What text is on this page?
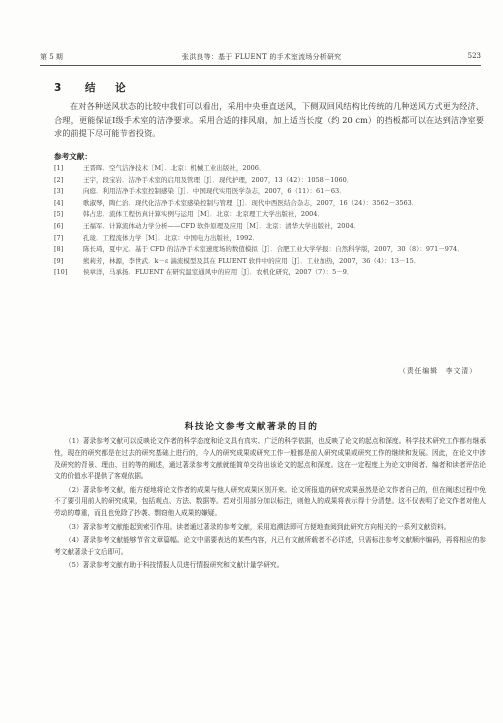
第 5 期	张洪良等：基于 FLUENT 的手术室流场分析研究	523
3 结 论
在对各种送风状态的比较中我们可以看出，采用中央垂直送风，下侧双回风结构比传统的几种送风方式更为经济、合理，更能保证Ⅰ级手术室的洁净要求。采用合适的排风扇，加上适当长度（约 20 cm）的挡板都可以在达到洁净室要求的前提下尽可能节省投资。
参考文献：
[1]	王晋晖．空气洁净技术［M］．北京：机械工业出版社，2006．
[2]	王宇，段宝岩．洁净手术室的启用及管理［J］．现代护理，2007，13（42）：1058－1060．
[3]	向庭．利用洁净手术室控制感染［J］．中国现代实用医学杂志，2007，6（11）：61－63．
[4]	歌淑琴，陶仁治．现代化洁净手术室感染控制与管理［J］．现代中西医结合杂志，2007，16（24）：3562－3563．
[5]	韩占忠．流体工程仿真计算实例与运用［M］．北京：北京理工大学出版社，2004．
[6]	王福军．计算流体动力学分析——CFD 软件原理及应用［M］．北京：清华大学出版社，2004．
[7]	孔珑．工程流体力学［M］．北京：中国电力出版社，1992．
[8]	陈长琦，夏中元．基于 CFD 的洁净手术室速度场的数值模拟［J］．合肥工业大学学报：自然科学版，2007，30（8）：971－974．
[9]	熊莉芳，林源，李世武．k－ε 湍流模型及其在 FLUENT 软件中的应用［J］．工业加热，2007，36（4）：13－15．
[10]	侯章洋，马承扬．FLUENT 在研究温室通风中的应用［J］．农机化研究，2007（7）：5－9．
（责任编辑　李文清）
科技论文参考文献著录的目的

（1）著录参考文献可以反映论文作者的科学态度和论文具有真实、广泛的科学依据，也反映了论文的起点和深度。科学技术研究工作都有继承性，现在的研究都是在过去的研究基础上进行的，今人的研究成果或研究工作一般都是前人研究成果或研究工作的继续和发展。因此，在论文中涉及研究的背景、理由、目的等的阐述，通过著录参考文献就能简单交待出该论文的起点和深度。这在一定程度上为论文审阅者、编者和读者评估论文的价值水平提供了客观依据。

（2）著录参考文献，能方便地将论文作者的成果与他人研究成果区别开来。论文所报道的研究成果虽然是论文作者自己的，但在阐述过程中免不了要引用前人的研究成果，包括观点、方法、数据等。若对引用部分加以标注，则他人的成果将表示得十分清楚。这不仅表明了论文作者对他人劳动的尊重，而且也免除了抄袭、剽窃他人成果的嫌疑。

（3）著录参考文献能起到索引作用。读者通过著录的参考文献，采用追溯法即可方便地查阅到此研究方向相关的一系列文献资料。

（4）著录参考文献能够节省文章篇幅。论文中需要表达的某些内容，凡已有文献所载者不必详述，只需标注参考文献顺序编码，再将相应的参考文献著录于文后即可。

（5）著录参考文献有助于科技情报人员进行情报研究和文献计量学研究。
